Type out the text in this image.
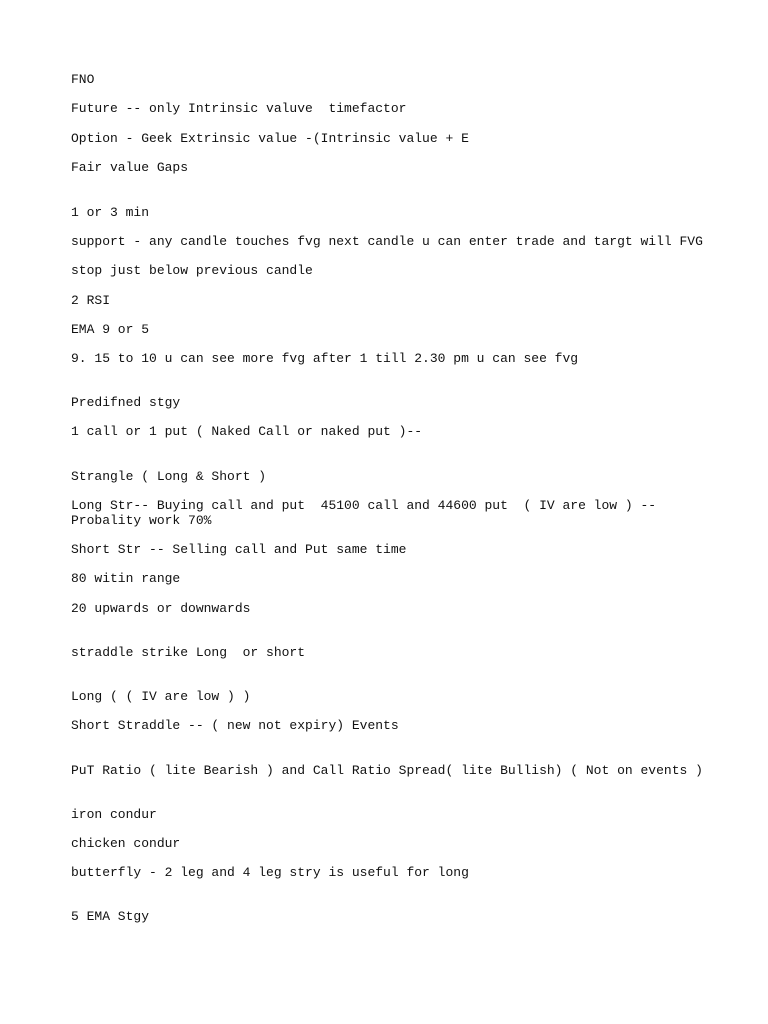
FNO

Future -- only Intrinsic valuve  timefactor

Option - Geek Extrinsic value -(Intrinsic value + E

Fair value Gaps

1 or 3 min

support - any candle touches fvg next candle u can enter trade and targt will FVG

stop just below previous candle

2 RSI

EMA 9 or 5

9. 15 to 10 u can see more fvg after 1 till 2.30 pm u can see fvg

Predifned stgy

1 call or 1 put ( Naked Call or naked put )--

Strangle ( Long & Short )

Long Str-- Buying call and put  45100 call and 44600 put  ( IV are low ) --
Probality work 70%

Short Str -- Selling call and Put same time

80 witin range

20 upwards or downwards

straddle strike Long  or short

Long ( ( IV are low ) )

Short Straddle -- ( new not expiry) Events

PuT Ratio ( lite Bearish ) and Call Ratio Spread( lite Bullish) ( Not on events )

iron condur

chicken condur

butterfly - 2 leg and 4 leg stry is useful for long

5 EMA Stgy
